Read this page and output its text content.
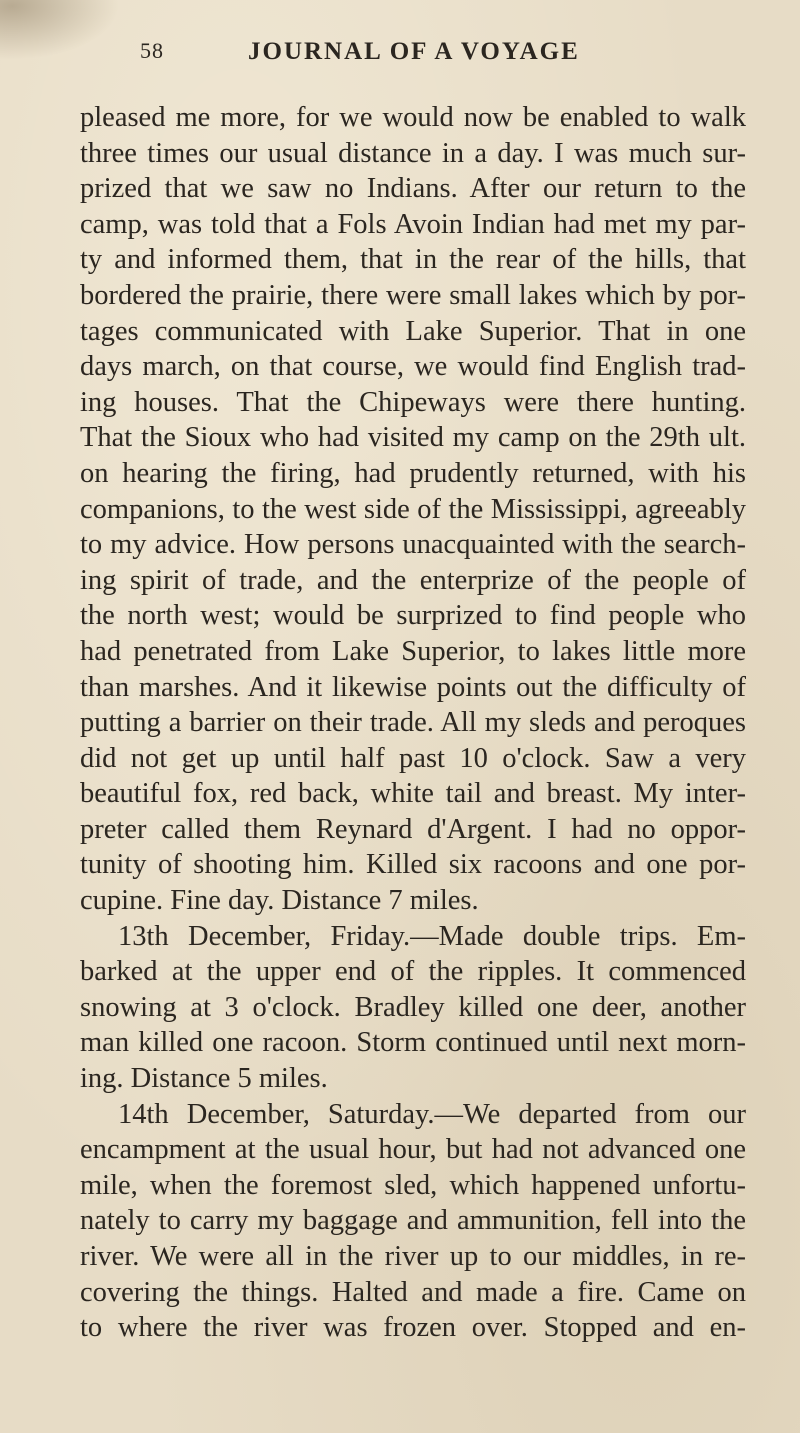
58	JOURNAL OF A VOYAGE
pleased me more, for we would now be enabled to walk
three times our usual distance in a day. I was much sur-
prized that we saw no Indians. After our return to the
camp, was told that a Fols Avoin Indian had met my par-
ty and informed them, that in the rear of the hills, that
bordered the prairie, there were small lakes which by por-
tages communicated with Lake Superior. That in one
days march, on that course, we would find English trad-
ing houses. That the Chipeways were there hunting.
That the Sioux who had visited my camp on the 29th ult.
on hearing the firing, had prudently returned, with his
companions, to the west side of the Mississippi, agreeably
to my advice. How persons unacquainted with the search-
ing spirit of trade, and the enterprize of the people of
the north west; would be surprized to find people who
had penetrated from Lake Superior, to lakes little more
than marshes. And it likewise points out the difficulty of
putting a barrier on their trade. All my sleds and peroques
did not get up until half past 10 o'clock. Saw a very
beautiful fox, red back, white tail and breast. My inter-
preter called them Reynard d'Argent. I had no oppor-
tunity of shooting him. Killed six racoons and one por-
cupine. Fine day. Distance 7 miles.
13th December, Friday.—Made double trips. Em-
barked at the upper end of the ripples. It commenced
snowing at 3 o'clock. Bradley killed one deer, another
man killed one racoon. Storm continued until next morn-
ing. Distance 5 miles.
14th December, Saturday.—We departed from our
encampment at the usual hour, but had not advanced one
mile, when the foremost sled, which happened unfortu-
nately to carry my baggage and ammunition, fell into the
river. We were all in the river up to our middles, in re-
covering the things. Halted and made a fire. Came on
to where the river was frozen over. Stopped and en-
